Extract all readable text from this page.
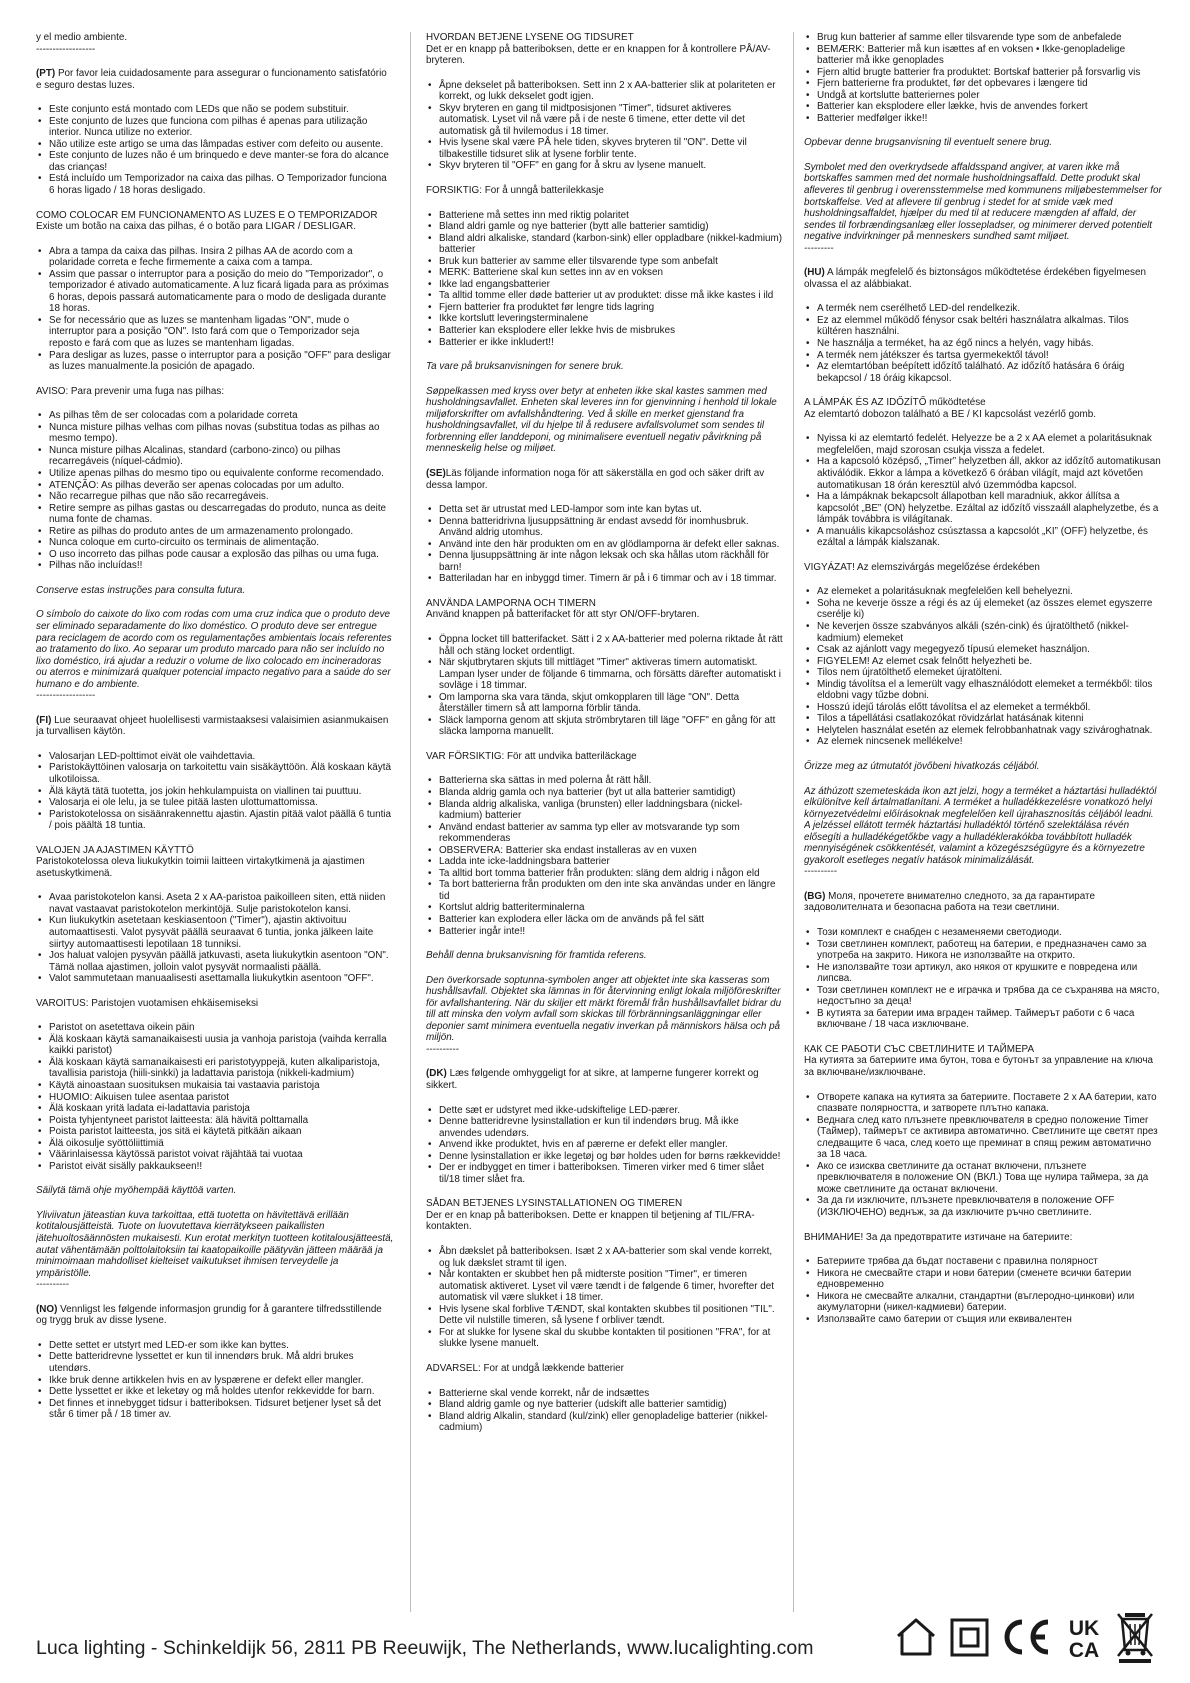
y el medio ambiente.
------------------

(PT) Por favor leia cuidadosamente para assegurar o funcionamento satisfatório e seguro destas luzes.

• Este conjunto está montado com LEDs que não se podem substituir.
• Este conjunto de luzes que funciona com pilhas é apenas para utilização interior. Nunca utilize no exterior.
• Não utilize este artigo se uma das lâmpadas estiver com defeito ou ausente.
• Este conjunto de luzes não é um brinquedo e deve manter-se fora do alcance das crianças!
• Está incluído um Temporizador na caixa das pilhas. O Temporizador funciona 6 horas ligado / 18 horas desligado.

COMO COLOCAR EM FUNCIONAMENTO AS LUZES E O TEMPORIZADOR
Existe um botão na caixa das pilhas, é o botão para LIGAR / DESLIGAR.

• Abra a tampa da caixa das pilhas. Insira 2 pilhas AA de acordo com a polaridade correta e feche firmemente a caixa com a tampa.
• Assim que passar o interruptor para a posição do meio do "Temporizador", o temporizador é ativado automaticamente. A luz ficará ligada para as próximas 6 horas, depois passará automaticamente para o modo de desligada durante 18 horas.
• Se for necessário que as luzes se mantenham ligadas "ON", mude o interruptor para a posição "ON". Isto fará com que o Temporizador seja reposto e fará com que as luzes se mantenham ligadas.
• Para desligar as luzes, passe o interruptor para a posição "OFF" para desligar as luzes manualmente.la posición de apagado.

AVISO: Para prevenir uma fuga nas pilhas:

• As pilhas têm de ser colocadas com a polaridade correta
• Nunca misture pilhas velhas com pilhas novas (substitua todas as pilhas ao mesmo tempo).
• Nunca misture pilhas Alcalinas, standard (carbono-zinco) ou pilhas recarregáveis (níquel-cádmio).
• Utilize apenas pilhas do mesmo tipo ou equivalente conforme recomendado.
• ATENÇÃO: As pilhas deverão ser apenas colocadas por um adulto.
• Não recarregue pilhas que não são recarregáveis.
• Retire sempre as pilhas gastas ou descarregadas do produto, nunca as deite numa fonte de chamas.
• Retire as pilhas do produto antes de um armazenamento prolongado.
• Nunca coloque em curto-circuito os terminais de alimentação.
• O uso incorreto das pilhas pode causar a explosão das pilhas ou uma fuga.
• Pilhas não incluídas!!

Conserve estas instruções para consulta futura.

O símbolo do caixote do lixo com rodas com uma cruz indica que o produto deve ser eliminado separadamente do lixo doméstico. O produto deve ser entregue para reciclagem de acordo com os regulamentações ambientais locais referentes ao tratamento do lixo. Ao separar um produto marcado para não ser incluído no lixo doméstico, irá ajudar a reduzir o volume de lixo colocado em incineradoras ou aterros e minimizará qualquer potencial impacto negativo para a saúde do ser humano e do ambiente.
------------------

(FI) Lue seuraavat ohjeet huolellisesti varmistaaksesi valaisimien asianmukaisen ja turvallisen käytön.

• Valosarjan LED-polttimot eivät ole vaihdettavia.
• Paristokäyttöinen valosarja on tarkoitettu vain sisäkäyttöön. Älä koskaan käytä ulkotiloissa.
• Älä käytä tätä tuotetta, jos jokin hehkulampuista on viallinen tai puuttuu.
• Valosarja ei ole lelu, ja se tulee pitää lasten ulottumattomissa.
• Paristokotelossa on sisäänrakennettu ajastin. Ajastin pitää valot päällä 6 tuntia / pois päältä 18 tuntia.

VALOJEN JA AJASTIMEN KÄYTTÖ
Paristokotelossa oleva liukukytkin toimii laitteen virtakytkimenä ja ajastimen asetuskytkimenä.

• Avaa paristokotelon kansi. Aseta 2 x AA-paristoa paikoilleen siten, että niiden navat vastaavat paristokotelon merkintöjä. Sulje paristokotelon kansi.
• Kun liukukytkin asetetaan keskiasentoon ("Timer"), ajastin aktivoituu automaattisesti. Valot pysyvät päällä seuraavat 6 tuntia, jonka jälkeen laite siirtyy automaattisesti lepotilaan 18 tunniksi.
• Jos haluat valojen pysyvän päällä jatkuvasti, aseta liukukytkin asentoon "ON". Tämä nollaa ajastimen, jolloin valot pysyvät normaalisti päällä.
• Valot sammutetaan manuaalisesti asettamalla liukukytkin asentoon "OFF".

VAROITUS: Paristojen vuotamisen ehkäisemiseksi

• Paristot on asetettava oikein päin
• Älä koskaan käytä samanaikaisesti uusia ja vanhoja paristoja (vaihda kerralla kaikki paristot)
• Älä koskaan käytä samanaikaisesti eri paristotyyppejä, kuten alkaliparistoja, tavallisia paristoja (hiili-sinkki) ja ladattavia paristoja (nikkeli-kadmium)
• Käytä ainoastaan suosituksen mukaisia tai vastaavia paristoja
• HUOMIO: Aikuisen tulee asentaa paristot
• Älä koskaan yritä ladata ei-ladattavia paristoja
• Poista tyhjentyneet paristot laitteesta: älä hävitä polttamalla
• Poista paristot laitteesta, jos sitä ei käytetä pitkään aikaan
• Älä oikosulje syöttöliittimiä
• Väärinlaisessa käytössä paristot voivat räjähtää tai vuotaa
• Paristot eivät sisälly pakkaukseen!!

Säilytä tämä ohje myöhempää käyttöä varten.

Yliviivatun jäteastian kuva tarkoittaa, että tuotetta on hävitettävä erillään kotitalousjätteistä. Tuote on luovutettava kierrätykseen paikallisten jätehuoltosäännösten mukaisesti. Kun erotat merkityn tuotteen kotitalousjätteestä, autat vähentämään polttolaitoksiin tai kaatopaikoille päätyvän jätteen määrää ja minimoimaan mahdolliset kielteiset vaikutukset ihmisen terveydelle ja ympäristölle.
----------

(NO) Vennligst les følgende informasjon grundig for å garantere tilfredsstillende og trygg bruk av disse lysene.

• Dette settet er utstyrt med LED-er som ikke kan byttes.
• Dette batteridrevne lyssettet er kun til innendørs bruk. Må aldri brukes utendørs.
• Ikke bruk denne artikkelen hvis en av lyspærene er defekt eller mangler.
• Dette lyssettet er ikke et leketøy og må holdes utenfor rekkevidde for barn.
• Det finnes et innebygget tidsur i batteriboksen. Tidsuret betjener lyset så det står 6 timer på / 18 timer av.

HVORDAN BETJENE LYSENE OG TIDSURET
Det er en knapp på batteriboksen, dette er en knappen for å kontrollere PÅ/AV-bryteren.

• Åpne dekselet på batteriboksen. Sett inn 2 x AA-batterier slik at polariteten er korrekt, og lukk dekselet godt igjen.
• Skyv bryteren en gang til midtposisjonen "Timer", tidsuret aktiveres automatisk. Lyset vil nå være på i de neste 6 timene, etter dette vil det automatisk gå til hvilemodus i 18 timer.
• Hvis lysene skal være PÅ hele tiden, skyves bryteren til "ON". Dette vil tilbakestille tidsuret slik at lysene forblir tente.
• Skyv bryteren til "OFF" en gang for å skru av lysene manuelt.

FORSIKTIG: For å unngå batterilekkasje

• Batteriene må settes inn med riktig polaritet
• Bland aldri gamle og nye batterier (bytt alle batterier samtidig)
• Bland aldri alkaliske, standard (karbon-sink) eller oppladbare (nikkel-kadmium) batterier
• Bruk kun batterier av samme eller tilsvarende type som anbefalt
• MERK: Batteriene skal kun settes inn av en voksen
• Ikke lad engangsbatterier
• Ta alltid tomme eller døde batterier ut av produktet: disse må ikke kastes i ild
• Fjern batterier fra produktet før lengre tids lagring
• Ikke kortslutt leveringsterminalene
• Batterier kan eksplodere eller lekke hvis de misbrukes
• Batterier er ikke inkludert!!

Ta vare på bruksanvisningen for senere bruk.

Søppelkassen med kryss over betyr at enheten ikke skal kastes sammen med husholdningsavfallet. Enheten skal leveres inn for gjenvinning i henhold til lokale miljøforskrifter om avfallshåndtering. Ved å skille en merket gjenstand fra husholdningsavfallet, vil du hjelpe til å redusere avfallsvolumet som sendes til forbrenning eller landdeponi, og minimalisere eventuell negativ påvirkning på menneskelig helse og miljøet.

(SE)Läs följande information noga för att säkerställa en god och säker drift av dessa lampor.

• Detta set är utrustat med LED-lampor som inte kan bytas ut.
• Denna batteridrivna ljusuppsättning är endast avsedd för inomhusbruk. Använd aldrig utomhus.
• Använd inte den här produkten om en av glödlamporna är defekt eller saknas.
• Denna ljusuppsättning är inte någon leksak och ska hållas utom räckhåll för barn!
• Batteriladan har en inbyggd timer. Timern är på i 6 timmar och av i 18 timmar.

ANVÄNDA LAMPORNA OCH TIMERN
Använd knappen på batterifacket för att styr ON/OFF-brytaren.

• Öppna locket till batterifacket. Sätt i 2 x AA-batterier med polerna riktade åt rätt håll och stäng locket ordentligt.
• När skjutbrytaren skjuts till mittläget "Timer" aktiveras timern automatiskt. Lampan lyser under de följande 6 timmarna, och försätts därefter automatiskt i sovläge i 18 timmar.
• Om lamporna ska vara tända, skjut omkopplaren till läge "ON". Detta återställer timern så att lamporna förblir tända.
• Släck lamporna genom att skjuta strömbrytaren till läge "OFF" en gång för att släcka lamporna manuellt.

VAR FÖRSIKTIG: För att undvika batteriläckage

• Batterierna ska sättas in med polerna åt rätt håll.
• Blanda aldrig gamla och nya batterier (byt ut alla batterier samtidigt)
• Blanda aldrig alkaliska, vanliga (brunsten) eller laddningsbara (nickel-kadmium) batterier
• Använd endast batterier av samma typ eller av motsvarande typ som rekommenderas
• OBSERVERA: Batterier ska endast installeras av en vuxen
• Ladda inte icke-laddningsbara batterier
• Ta alltid bort tomma batterier från produkten: släng dem aldrig i någon eld
• Ta bort batterierna från produkten om den inte ska användas under en längre tid
• Kortslut aldrig batteriterminalerna
• Batterier kan explodera eller läcka om de används på fel sätt
• Batterier ingår inte!!

Behåll denna bruksanvisning för framtida referens.

Den överkorsade soptunna-symbolen anger att objektet inte ska kasseras som hushållsavfall. Objektet ska lämnas in för återvinning enligt lokala miljöföreskrifter för avfallshantering. När du skiljer ett märkt föremål från hushållsavfallet bidrar du till att minska den volym avfall som skickas till förbränningsanläggningar eller deponier samt minimera eventuella negativ inverkan på människors hälsa och på miljön.
----------

(DK) Læs følgende omhyggeligt for at sikre, at lamperne fungerer korrekt og sikkert.

• Dette sæt er udstyret med ikke-udskiftelige LED-pærer.
• Denne batteridrevne lysinstallation er kun til indendørs brug. Må ikke anvendes udendørs.
• Anvend ikke produktet, hvis en af pærerne er defekt eller mangler.
• Denne lysinstallation er ikke legetøj og bør holdes uden for børns rækkevidde!
• Der er indbygget en timer i batteriboksen. Timeren virker med 6 timer slået til/18 timer slået fra.

SÅDAN BETJENES LYSINSTALLATIONEN OG TIMEREN
Der er en knap på batteriboksen. Dette er knappen til betjening af TIL/FRA-kontakten.

• Åbn dækslet på batteriboksen. Isæt 2 x AA-batterier som skal vende korrekt, og luk dækslet stramt til igen.
• Når kontakten er skubbet hen på midterste position "Timer", er timeren automatisk aktiveret. Lyset vil være tændt i de følgende 6 timer, hvorefter det automatisk vil være slukket i 18 timer.
• Hvis lysene skal forblive TÆNDT, skal kontakten skubbes til positionen "TIL". Dette vil nulstille timeren, så lysene f orbliver tændt.
• For at slukke for lysene skal du skubbe kontakten til positionen "FRA", for at slukke lysene manuelt.

ADVARSEL: For at undgå lækkende batterier

• Batterierne skal vende korrekt, når de indsættes
• Bland aldrig gamle og nye batterier (udskift alle batterier samtidig)
• Bland aldrig Alkalin, standard (kul/zink) eller genopladelige batterier (nikkel-cadmium)
• Brug kun batterier af samme eller tilsvarende type som de anbefalede
• BEMÆRK: Batterier må kun isættes af en voksen • Ikke-genopladelige batterier må ikke genoplades
• Fjern altid brugte batterier fra produktet: Bortskaf batterier på forsvarlig vis
• Fjern batterierne fra produktet, før det opbevares i længere tid
• Undgå at kortslutte batteriernes poler
• Batterier kan eksplodere eller lække, hvis de anvendes forkert
• Batterier medfølger ikke!!

Opbevar denne brugsanvisning til eventuelt senere brug.

Symbolet med den overkrydsede affaldsspand angiver, at varen ikke må bortskaffes sammen med det normale husholdningsaffald. Dette produkt skal afleveres til genbrug i overensstemmelse med kommunens miljøbestemmelser for bortskaffelse. Ved at aflevere til genbrug i stedet for at smide væk med husholdningsaffaldet, hjælper du med til at reducere mængden af affald, der sendes til forbrændingsanlæg eller lossepladser, og minimerer derved potentielt negative indvirkninger på menneskers sundhed samt miljøet.
---------

(HU) A lámpák megfelelő és biztonságos működtetése érdekében figyelmesen olvassa el az alábbiakat.

• A termék nem cserélhető LED-del rendelkezik.
• Ez az elemmel működő fénysor csak beltéri használatra alkalmas. Tilos kültéren használni.
• Ne használja a terméket, ha az égő nincs a helyén, vagy hibás.
• A termék nem játékszer és tartsa gyermekektől távol!
• Az elemtartóban beépített időzítő található. Az időzítő hatására 6 óráig bekapcsol / 18 óráig kikapcsol.

A LÁMPÁK ÉS AZ IDŐZÍTŐ működtetése
Az elemtartó dobozon található a BE / KI kapcsolást vezérlő gomb.

• Nyissa ki az elemtartó fedelét. Helyezze be a 2 x AA elemet a polaritásuknak megfelelően, majd szorosan csukja vissza a fedelet.
• Ha a kapcsoló középső, „Timer” helyzetben áll, akkor az időzítő automatikusan aktiválódik. Ekkor a lámpa a következő 6 órában világít, majd azt követően automatikusan 18 órán keresztül alvó üzemmódba kapcsol.
• Ha a lámpáknak bekapcsolt állapotban kell maradniuk, akkor állítsa a kapcsolót „BE” (ON) helyzetbe. Ezáltal az időzítő visszaáll alaphelyzetbe, és a lámpák továbbra is világítanak.
• A manuális kikapcsoláshoz csúsztassa a kapcsolót „KI” (OFF) helyzetbe, és ezáltal a lámpák kialszanak.

VIGYÁZAT! Az elemszivárgás megelőzése érdekében

• Az elemeket a polaritásuknak megfelelően kell behelyezni.
• Soha ne keverje össze a régi és az új elemeket (az összes elemet egyszerre cserélje ki)
• Ne keverjen össze szabványos alkáli (szén-cink) és újratölthető (nikkel-kadmium) elemeket
• Csak az ajánlott vagy megegyező típusú elemeket használjon.
• FIGYELEM! Az elemet csak felnőtt helyezheti be.
• Tilos nem újratölthető elemeket újratölteni.
• Mindig távolítsa el a lemerült vagy elhasználódott elemeket a termékből: tilos eldobni vagy tűzbe dobni.
• Hosszú idejű tárolás előtt távolítsa el az elemeket a termékből.
• Tilos a tápellátási csatlakozókat rövidzárlat hatásának kitenni
• Helytelen használat esetén az elemek felrobbanhatnak vagy szivároghatnak.
• Az elemek nincsenek mellékelve!

Őrizze meg az útmutatót jövőbeni hivatkozás céljából.

Az áthúzott szemeteskáda ikon azt jelzi, hogy a terméket a háztartási hulladéktól elkülönítve kell ártalmatlanítani. A terméket a hulladékkezelésre vonatkozó helyi környezetvédelmi előírásoknak megfelelően kell újrahasznosítás céljából leadni. A jelzéssel ellátott termék háztartási hulladéktól történő szelektálása révén elősegíti a hulladékégetőkbe vagy a hulladéklerakókba továbbított hulladék mennyiségének csökkentését, valamint a közegészségügyre és a környezetre gyakorolt esetleges negatív hatások minimalizálását.
----------

(BG) Моля, прочетете внимателно следното, за да гарантирате задоволителната и безопасна работа на тези светлини.

• Този комплект е снабден с незаменяеми светодиоди.
• Този светлинен комплект, работещ на батерии, е предназначен само за употреба на закрито. Никога не използвайте на открито.
• Не използвайте този артикул, ако някоя от крушките е повредена или липсва.
• Този светлинен комплект не е играчка и трябва да се съхранява на място, недостъпно за деца!
• В кутията за батерии има вграден таймер. Таймерът работи с 6 часа включване / 18 часа изключване.

КАК СЕ РАБОТИ СЪС СВЕТЛИНИТЕ И ТАЙМЕРА
На кутията за батериите има бутон, това е бутонът за управление на ключа за включване/изключване.

• Отворете капака на кутията за батериите. Поставете 2 x AA батерии, като спазвате полярността, и затворете плътно капака.
• Веднага след като плъзнете превключвателя в средно положение Timer (Таймер), таймерът се активира автоматично. Светлините ще светят през следващите 6 часа, след което ще преминат в спящ режим автоматично за 18 часа.
• Ако се изисква светлините да останат включени, плъзнете превключвателя в положение ON (ВКЛ.) Това ще нулира таймера, за да може светлините да останат включени.
• За да ги изключите, плъзнете превключвателя в положение OFF (ИЗКЛЮЧЕНО) веднъж, за да изключите ръчно светлините.

ВНИМАНИЕ! За да предотвратите изтичане на батериите:

• Батериите трябва да бъдат поставени с правилна полярност
• Никога не смесвайте стари и нови батерии (сменете всички батерии едновременно
• Никога не смесвайте алкални, стандартни (въглеродно-цинкови) или акумулаторни (никел-кадмиеви) батерии.
• Използвайте само батерии от същия или еквивалентен
Luca lighting - Schinkeldijk 56, 2811 PB Reeuwijk, The Netherlands, www.lucalighting.com
UK
CA
